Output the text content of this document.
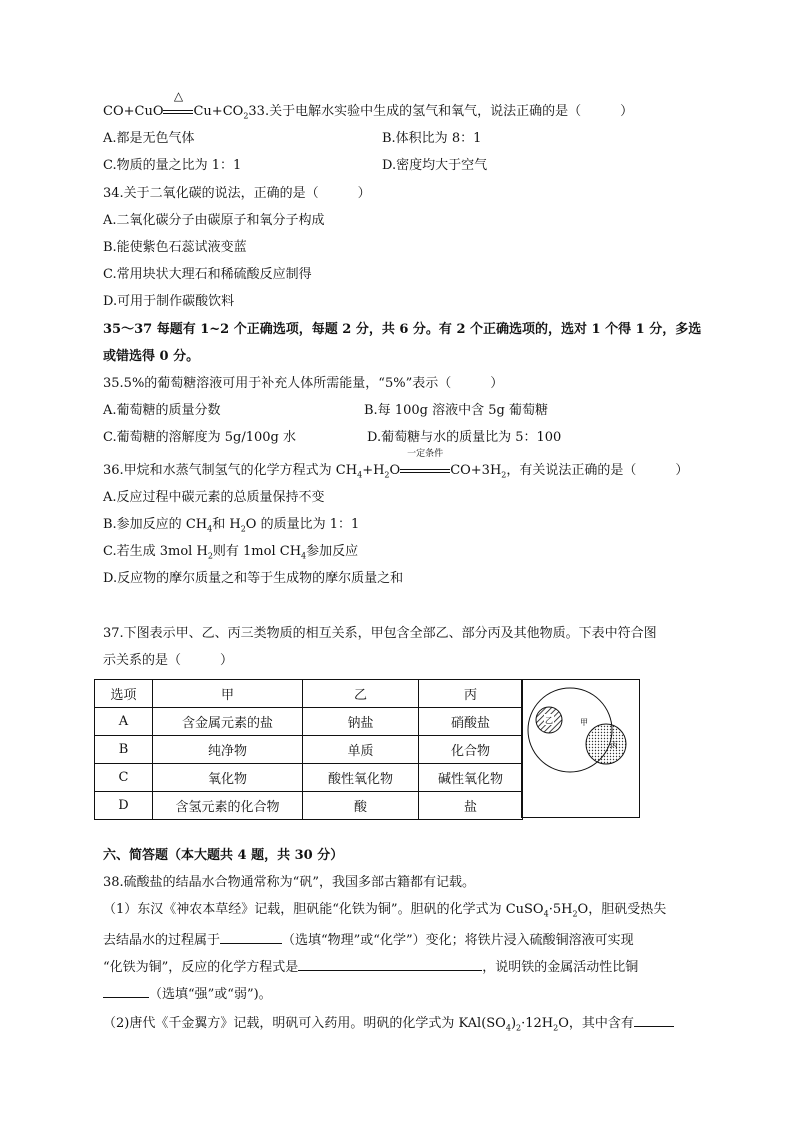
CO+CuO
△
$Cu+CO_233$.关于电解水实验中生成的氢气和氧气，说法正确的是（　　　）
A.都是无色气体	B.体积比为 8：1
C.物质的量之比为 1：1	D.密度均大于空气
34.关于二氧化碳的说法，正确的是（　　　）
A.二氧化碳分子由碳原子和氧分子构成
B.能使紫色石蕊试液变蓝
C.常用块状大理石和稀硫酸反应制得
D.可用于制作碳酸饮料
35～37 每题有 1~2 个正确选项，每题 2 分，共 6 分。有 2 个正确选项的，选对 1 个得 1 分，多选
或错选得 0 分。
35.5%的葡萄糖溶液可用于补充人体所需能量，“5%”表示（　　　）
A.葡萄糖的质量分数	B.每 100g 溶液中含 5g 葡萄糖
C.葡萄糖的溶解度为 5g/100g 水	D.葡萄糖与水的质量比为 5：100
36.甲烷和水蒸气制氢气的化学方程式为 $CH_4+H_2O$
一定条件
$CO+3H_2$，有关说法正确的是（　　　）
A.反应过程中碳元素的总质量保持不变
B.参加反应的 $CH_4$和 $H_2O$ 的质量比为 1：1
C.若生成 3mol $H_2$则有 1mol $CH_4$参加反应
D.反应物的摩尔质量之和等于生成物的摩尔质量之和
37.下图表示甲、乙、丙三类物质的相互关系，甲包含全部乙、部分丙及其他物质。下表中符合图
示关系的是（　　　）
选项	甲	乙	丙
A	含金属元素的盐	钠盐	硝酸盐
B	纯净物	单质	化合物
C	氧化物	酸性氧化物	碱性氧化物
D	含氢元素的化合物	酸	盐
乙	甲
丙
六、简答题（本大题共 4 题，共 30 分）
38.硫酸盐的结晶水合物通常称为“矾”，我国多部古籍都有记载。
（1）东汉《神农本草经》记载，胆矾能“化铁为铜”。胆矾的化学式为 $CuSO_4\cdot 5H_2O$，胆矾受热失
去结晶水的过程属于	（选填“物理”或“化学”）变化；将铁片浸入硫酸铜溶液可实现
“化铁为铜”，反应的化学方程式是	，说明铁的金属活动性比铜
（选填“强”或“弱”)。
（2)唐代《千金翼方》记载，明矾可入药用。明矾的化学式为 $KAl(SO_4)_2\cdot 12H_2O$，其中含有
